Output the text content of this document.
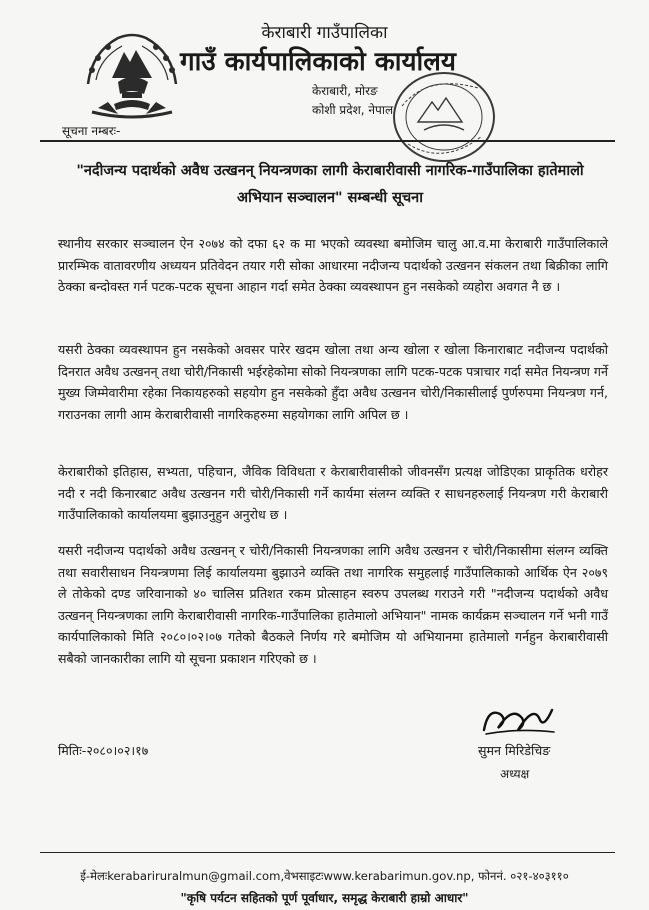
केराबारी गाउँपालिका
गाउँ कार्यपालिकाको कार्यालय
केराबारी, मोरङ
कोशी प्रदेश, नेपाल
सूचना नम्बरः-
"नदीजन्य पदार्थको अवैध उत्खनन् नियन्त्रणका लागी केराबारीवासी नागरिक-गाउँपालिका हातेमालो अभियान सञ्चालन" सम्बन्धी सूचना
स्थानीय सरकार सञ्चालन ऐन २०७४ को दफा ६२ क मा भएको व्यवस्था बमोजिम चालु आ.व.मा केराबारी गाउँपालिकाले प्रारम्भिक वातावरणीय अध्ययन प्रतिवेदन तयार गरी सोका आधारमा नदीजन्य पदार्थको उत्खनन संकलन तथा बिक्रीका लागि ठेक्का बन्दोवस्त गर्न पटक-पटक सूचना आहान गर्दा समेत ठेक्का व्यवस्थापन हुन नसकेको व्यहोरा अवगत नै छ ।
यसरी ठेक्का व्यवस्थापन हुन नसकेको अवसर पारेर खदम खोला तथा अन्य खोला र खोला किनाराबाट नदीजन्य पदार्थको दिनरात अवैध उत्खनन् तथा चोरी/निकासी भईरहेकोमा सोको नियन्त्रणका लागि पटक-पटक पत्राचार गर्दा समेत नियन्त्रण गर्ने मुख्य जिम्मेवारीमा रहेका निकायहरुको सहयोग हुन नसकेको हुँदा अवैध उत्खनन चोरी/निकासीलाई पुर्णरुपमा नियन्त्रण गर्न, गराउनका लागी आम केराबारीवासी नागरिकहरुमा सहयोगका लागि अपिल छ ।
केराबारीको इतिहास, सभ्यता, पहिचान, जैविक विविधता र केराबारीवासीको जीवनसँग प्रत्यक्ष जोडिएका प्राकृतिक धरोहर नदी र नदी किनारबाट अवैध उत्खनन गरी चोरी/निकासी गर्ने कार्यमा संलग्न व्यक्ति र साधनहरुलाई नियन्त्रण गरी केराबारी गाउँपालिकाको कार्यालयमा बुझाउनुहुन अनुरोध छ ।
यसरी नदीजन्य पदार्थको अवैध उत्खनन् र चोरी/निकासी नियन्त्रणका लागि अवैध उत्खनन र चोरी/निकासीमा संलग्न व्यक्ति तथा सवारीसाधन नियन्त्रणमा लिई कार्यालयमा बुझाउने व्यक्ति तथा नागरिक समुहलाई गाउँपालिकाको आर्थिक ऐन २०७९ ले तोकेको दण्ड जरिवानाको ४० चालिस प्रतिशत रकम प्रोत्साहन स्वरुप उपलब्ध गराउने गरी "नदीजन्य पदार्थको अवैध उत्खनन् नियन्त्रणका लागि केराबारीवासी नागरिक-गाउँपालिका हातेमालो अभियान" नामक कार्यक्रम सञ्चालन गर्ने भनी गाउँ कार्यपालिकाको मिति २०८०।०२।०७ गतेको बैठकले निर्णय गरे बमोजिम यो अभियानमा हातेमालो गर्नहुन केराबारीवासी सबैको जानकारीका लागि यो सूचना प्रकाशन गरिएको छ ।
मितिः-२०८०।०२।१७	सुमन मिरिडेचिङ
अध्यक्ष
ई-मेलःkerabariruralmun@gmail.com,वेभसाइटःwww.kerabarimun.gov.np, फोननं. ०२१-४०३११०
"कृषि पर्यटन सहितको पूर्ण पूर्वाधार, समृद्ध केराबारी हाम्रो आधार"
